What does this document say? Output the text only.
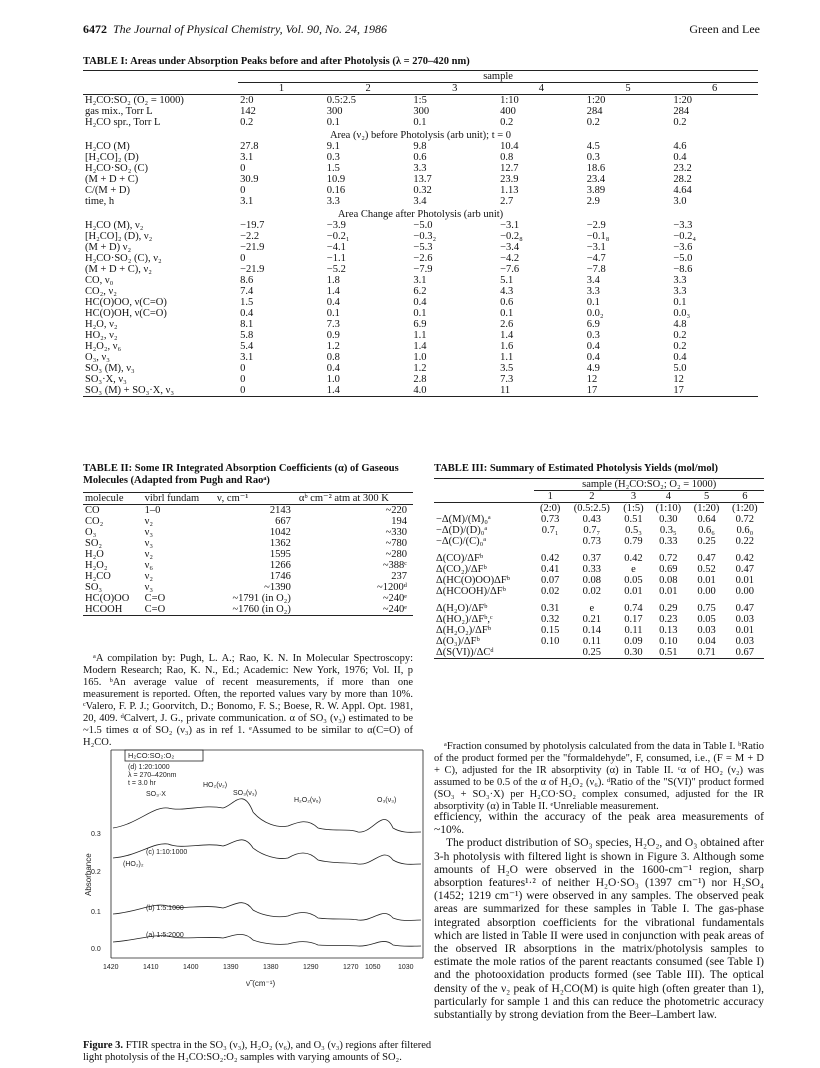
6472 The Journal of Physical Chemistry, Vol. 90, No. 24, 1986	Green and Lee
TABLE I: Areas under Absorption Peaks before and after Photolysis (λ = 270–420 nm)
	sample					
	1	2	3	4	5	6
H₂CO:SO₂ (O₂ = 1000)	2:0	0.5:2.5	1:5	1:10	1:20	1:20
gas mix., Torr L	142	300	300	400	284	284
H₂CO spr., Torr L	0.2	0.1	0.1	0.2	0.2	0.2
Area (ν₂) before Photolysis (arb unit); t = 0						
H₂CO (M)	27.8	9.1	9.8	10.4	4.5	4.6
[H₂CO]₂ (D)	3.1	0.3	0.6	0.8	0.3	0.4
H₂CO·SO₂ (C)	0	1.5	3.3	12.7	18.6	23.2
(M + D + C)	30.9	10.9	13.7	23.9	23.4	28.2
C/(M + D)	0	0.16	0.32	1.13	3.89	4.64
time, h	3.1	3.3	3.4	2.7	2.9	3.0
Area Change after Photolysis (arb unit)						
H₂CO (M), ν₂	−19.7	−3.9	−5.0	−3.1	−2.9	−3.3
[H₂CO]₂ (D), ν₂	−2.2	−0.2₁	−0.3₂	−0.2₈	−0.1₈	−0.2₄
(M + D) ν₂	−21.9	−4.1	−5.3	−3.4	−3.1	−3.6
H₂CO·SO₂ (C), ν₂	0	−1.1	−2.6	−4.2	−4.7	−5.0
(M + D + C), ν₂	−21.9	−5.2	−7.9	−7.6	−7.8	−8.6
CO, ν₀	8.6	1.8	3.1	5.1	3.4	3.3
CO₂, ν₂	7.4	1.4	6.2	4.3	3.3	3.3
HC(O)OO, ν(C=O)	1.5	0.4	0.4	0.6	0.1	0.1
HC(O)OH, ν(C=O)	0.4	0.1	0.1	0.1	0.0₂	0.0₃
H₂O, ν₂	8.1	7.3	6.9	2.6	6.9	4.8
HO₂, ν₂	5.8	0.9	1.1	1.4	0.3	0.2
H₂O₂, ν₆	5.4	1.2	1.4	1.6	0.4	0.2
O₃, ν₃	3.1	0.8	1.0	1.1	0.4	0.4
SO₃ (M), ν₃	0	0.4	1.2	3.5	4.9	5.0
SO₃·X, ν₃	0	1.0	2.8	7.3	12	12
SO₃ (M) + SO₃·X, ν₃	0	1.4	4.0	11	17	17
TABLE II: Some IR Integrated Absorption Coefficients (α) of Gaseous Molecules (Adapted from Pugh and Raoᵃ)
molecule	vibrl fundam	ν, cm⁻¹	αᵇ cm⁻² atm at 300 K
CO	1–0	2143	~220
CO₂	ν₂	667	194
O₃	ν₃	1042	~330
SO₂	ν₃	1362	~780
H₂O	ν₂	1595	~280
H₂O₂	ν₆	1266	~388ᶜ
H₂CO	ν₂	1746	237
SO₃	ν₃	~1390	~1200ᵈ
HC(O)OO	C=O	~1791 (in O₂)	~240ᵉ
HCOOH	C=O	~1760 (in O₂)	~240ᵉ
ᵃA compilation by: Pugh, L. A.; Rao, K. N. In Molecular Spectroscopy: Modern Research; Rao, K. N., Ed.; Academic: New York, 1976; Vol. II, p 165. ᵇAn average value of recent measurements, if more than one measurement is reported. Often, the reported values vary by more than 10%. ᶜValero, F. P. J.; Goorvitch, D.; Bonomo, F. S.; Boese, R. W. Appl. Opt. 1981, 20, 409. ᵈCalvert, J. G., private communication. α of SO₃ (ν₃) estimated to be ~1.5 times α of SO₂ (ν₃) as in ref 1. ᵉAssumed to be similar to α(C=O) of H₂CO.
TABLE III: Summary of Estimated Photolysis Yields (mol/mol)
	sample (H₂CO:SO₂; O₂ = 1000)					
	1	2	3	4	5	6
	(2:0)	(0.5:2.5)	(1:5)	(1:10)	(1:20)	(1:20)
−Δ(M)/(M)₀ᵃ	0.73	0.43	0.51	0.30	0.64	0.72
−Δ(D)/(D)₀ᵃ	0.7₁	0.7₇	0.5₃	0.3₅	0.6₆	0.6₀
−Δ(C)/(C)₀ᵃ		0.73	0.79	0.33	0.25	0.22

Δ(CO)/ΔFᵇ	0.42	0.37	0.42	0.72	0.47	0.42
Δ(CO₂)/ΔFᵇ	0.41	0.33	e	0.69	0.52	0.47
Δ(HC(O)OO)ΔFᵇ	0.07	0.08	0.05	0.08	0.01	0.01
Δ(HCOOH)/ΔFᵇ	0.02	0.02	0.01	0.01	0.00	0.00

Δ(H₂O)/ΔFᵇ	0.31	e	0.74	0.29	0.75	0.47
Δ(HO₂)/ΔFᵇ,ᶜ	0.32	0.21	0.17	0.23	0.05	0.03
Δ(H₂O₂)/ΔFᵇ	0.15	0.14	0.11	0.13	0.03	0.01
Δ(O₃)/ΔFᵇ	0.10	0.11	0.09	0.10	0.04	0.03
Δ(S(VI))/ΔCᵈ		0.25	0.30	0.51	0.71	0.67
ᵃFraction consumed by photolysis calculated from the data in Table I. ᵇRatio of the product formed per the "formaldehyde", F, consumed, i.e., (F = M + D + C), adjusted for the IR absorptivity (α) in Table II. ᶜα of HO₂ (ν₂) was assumed to be 0.5 of the α of H₂O₂ (ν₆). ᵈRatio of the "S(VI)" product formed (SO₃ + SO₃·X) per H₂CO·SO₂ complex consumed, adjusted for the IR absorptivity (α) in Table II. ᵉUnreliable measurement.

efficiency, within the accuracy of the peak area measurements of ~10%.

The product distribution of SO₃ species, H₂O₂, and O₃ obtained after 3-h photolysis with filtered light is shown in Figure 3. Although some amounts of H₂O were observed in the 1600-cm⁻¹ region, sharp absorption features¹·² of neither H₂O·SO₃ (1397 cm⁻¹) nor H₂SO₄ (1452; 1219 cm⁻¹) were observed in any samples. The observed peak areas are summarized for these samples in Table I. The gas-phase integrated absorption coefficients for the vibrational fundamentals which are listed in Table II were used in conjunction with peak areas of the observed IR absorptions in the matrix/photolysis samples to estimate the mole ratios of the parent reactants consumed (see Table I) and the photooxidation products formed (see Table III). The optical density of the ν₂ peak of H₂CO(M) is quite high (often greater than 1), particularly for sample 1 and this can reduce the photometric accuracy substantially by strong deviation from the Beer–Lambert law.

H₂CO:SO₂:O₂
(d) 1:20:1000
λ = 270–420nm
t = 3.0 hr
SO₃·X	SO₃(ν₃)
HO₂(ν₂)
H₂O₂(ν₆)	O₃(ν₃)
(HO₂)₂
(c) 1:10:1000
(b) 1:5:1000
(a) 1:5:2000
Absorbance
0.3
0.2
0.1
0.0
1420	1410	1400	1390	1380	1290	1270 1050 1030
ν̃ (cm⁻¹)
Figure 3. FTIR spectra in the SO₃ (ν₃), H₂O₂ (ν₆), and O₃ (ν₃) regions after filtered light photolysis of the H₂CO:SO₂:O₂ samples with varying amounts of SO₂.
